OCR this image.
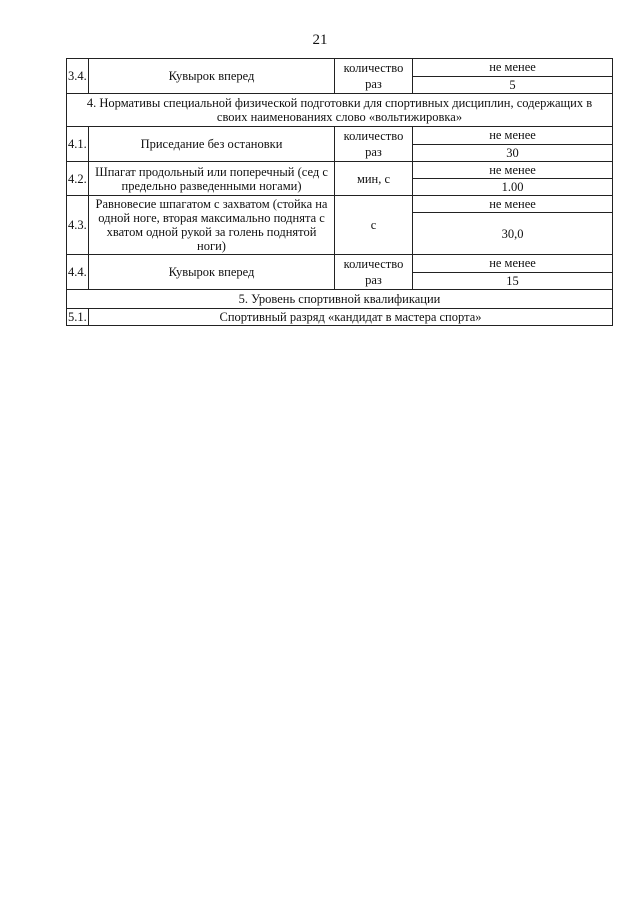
21
3.4.	Кувырок вперед	количество раз	не менее
			5
4. Нормативы специальной физической подготовки для спортивных дисциплин, содержащих в своих наименованиях слово «вольтижировка»			
4.1.	Приседание без остановки	количество раз	не менее
			30
4.2.	Шпагат продольный или поперечный (сед с предельно разведенными ногами)	мин, с	не менее
			1.00
4.3.	Равновесие шпагатом с захватом (стойка на одной ноге, вторая максимально поднята с хватом одной рукой за голень поднятой ноги)	с	не менее
			30,0
4.4.	Кувырок вперед	количество раз	не менее
			15
5. Уровень спортивной квалификации			
5.1.	Спортивный разряд «кандидат в мастера спорта»		
